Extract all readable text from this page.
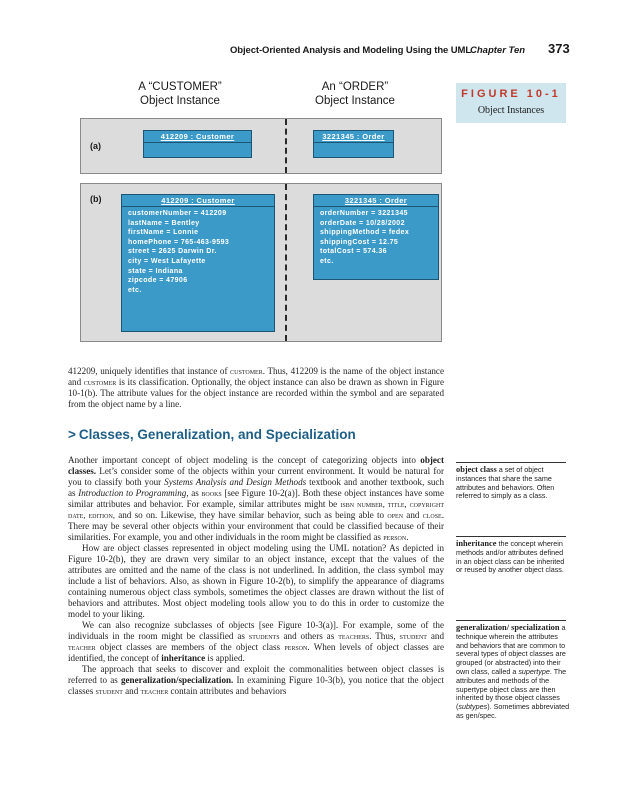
Object-Oriented Analysis and Modeling Using the UML
Chapter Ten 373
FIGURE 10-1
Object Instances
A “CUSTOMER”
Object Instance
An “ORDER”
Object Instance
(a)
412209 : Customer	3221345 : Order
(b)	412209 : Customer
customerNumber = 412209
lastName = Bentley
firstName = Lonnie
homePhone = 765-463-9593
street = 2625 Darwin Dr.
city = West Lafayette
state = Indiana
zipcode = 47906
etc.
3221345 : Order
orderNumber = 3221345
orderDate = 10/28/2002
shippingMethod = fedex
shippingCost = 12.75
totalCost = 574.36
etc.

412209, uniquely identifies that instance of customer. Thus, 412209 is the name of the object instance and customer is its classification. Optionally, the object instance can also be drawn as shown in Figure 10-1(b). The attribute values for the object instance are recorded within the symbol and are separated from the object name by a line.

> Classes, Generalization, and Specialization

Another important concept of object modeling is the concept of categorizing objects into object classes. Let’s consider some of the objects within your current environment. It would be natural for you to classify both your Systems Analysis and Design Methods textbook and another textbook, such as Introduction to Programming, as books [see Figure 10-2(a)]. Both these object instances have some similar attributes and behavior. For example, similar attributes might be isbn number, title, copyright date, edition, and so on. Likewise, they have similar behavior, such as being able to open and close. There may be several other objects within your environment that could be classified because of their similarities. For example, you and other individuals in the room might be classified as person.

How are object classes represented in object modeling using the UML notation? As depicted in Figure 10-2(b), they are drawn very similar to an object instance, except that the values of the attributes are omitted and the name of the class is not underlined. In addition, the class symbol may include a list of behaviors. Also, as shown in Figure 10-2(b), to simplify the appearance of diagrams containing numerous object class symbols, sometimes the object classes are drawn without the list of behaviors and attributes. Most object modeling tools allow you to do this in order to customize the model to your liking.

We can also recognize subclasses of objects [see Figure 10-3(a)]. For example, some of the individuals in the room might be classified as students and others as teachers. Thus, student and teacher object classes are members of the object class person. When levels of object classes are identified, the concept of inheritance is applied.

The approach that seeks to discover and exploit the commonalities between object classes is referred to as generalization/specialization. In examining Figure 10-3(b), you notice that the object classes student and teacher contain attributes and behaviors

object class a set of object instances that share the same attributes and behaviors. Often referred to simply as a class.
inheritance the concept wherein methods and/or attributes defined in an object class can be inherited or reused by another object class.
generalization/ specialization a technique wherein the attributes and behaviors that are common to several types of object classes are grouped (or abstracted) into their own class, called a supertype. The attributes and methods of the supertype object class are then inherited by those object classes (subtypes). Sometimes abbreviated as gen/spec.
